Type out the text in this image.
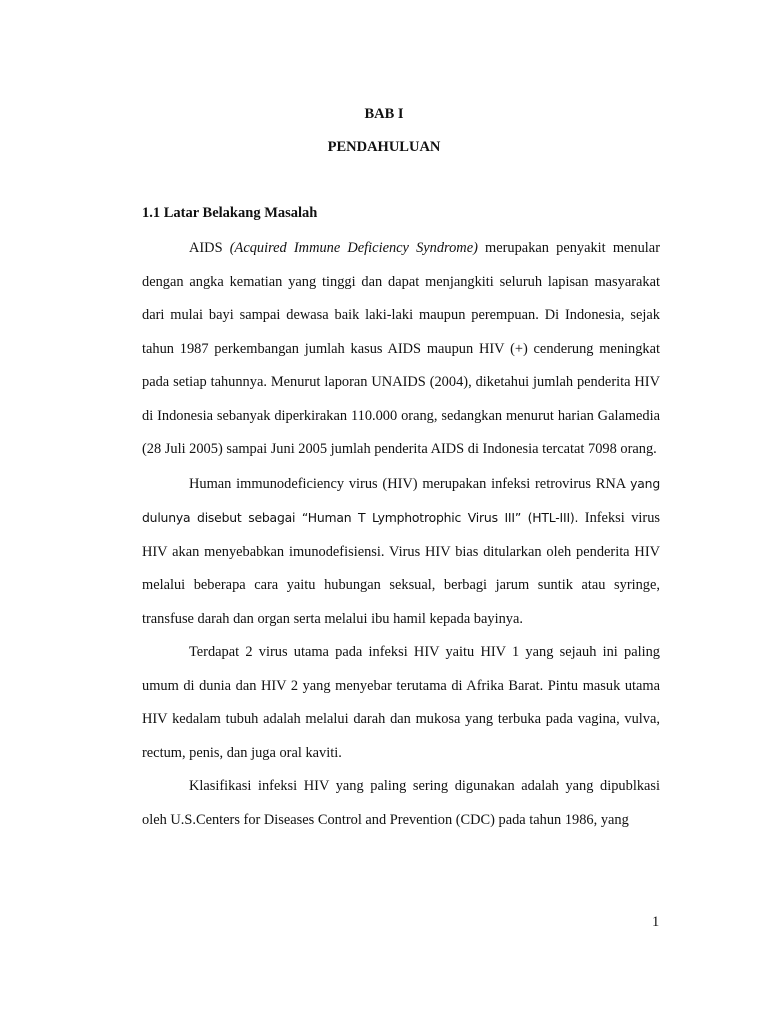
BAB I
PENDAHULUAN
1.1 Latar Belakang Masalah

AIDS (Acquired Immune Deficiency Syndrome) merupakan penyakit menular dengan angka kematian yang tinggi dan dapat menjangkiti seluruh lapisan masyarakat dari mulai bayi sampai dewasa baik laki-laki maupun perempuan. Di Indonesia, sejak tahun 1987 perkembangan jumlah kasus AIDS maupun HIV (+) cenderung meningkat pada setiap tahunnya. Menurut laporan UNAIDS (2004), diketahui jumlah penderita HIV di Indonesia sebanyak diperkirakan 110.000 orang, sedangkan menurut harian Galamedia (28 Juli 2005) sampai Juni 2005 jumlah penderita AIDS di Indonesia tercatat 7098 orang.

Human immunodeficiency virus (HIV) merupakan infeksi retrovirus RNA yang dulunya disebut sebagai “Human T Lymphotrophic Virus III” (HTL-III). Infeksi virus HIV akan menyebabkan imunodefisiensi. Virus HIV bias ditularkan oleh penderita HIV melalui beberapa cara yaitu hubungan seksual, berbagi jarum suntik atau syringe, transfuse darah dan organ serta melalui ibu hamil kepada bayinya.

Terdapat 2 virus utama pada infeksi HIV yaitu HIV 1 yang sejauh ini paling umum di dunia dan HIV 2 yang menyebar terutama di Afrika Barat. Pintu masuk utama HIV kedalam tubuh adalah melalui darah dan mukosa yang terbuka pada vagina, vulva, rectum, penis, dan juga oral kaviti.

Klasifikasi infeksi HIV yang paling sering digunakan adalah yang dipublkasi oleh U.S.Centers for Diseases Control and Prevention (CDC) pada tahun 1986, yang

1
